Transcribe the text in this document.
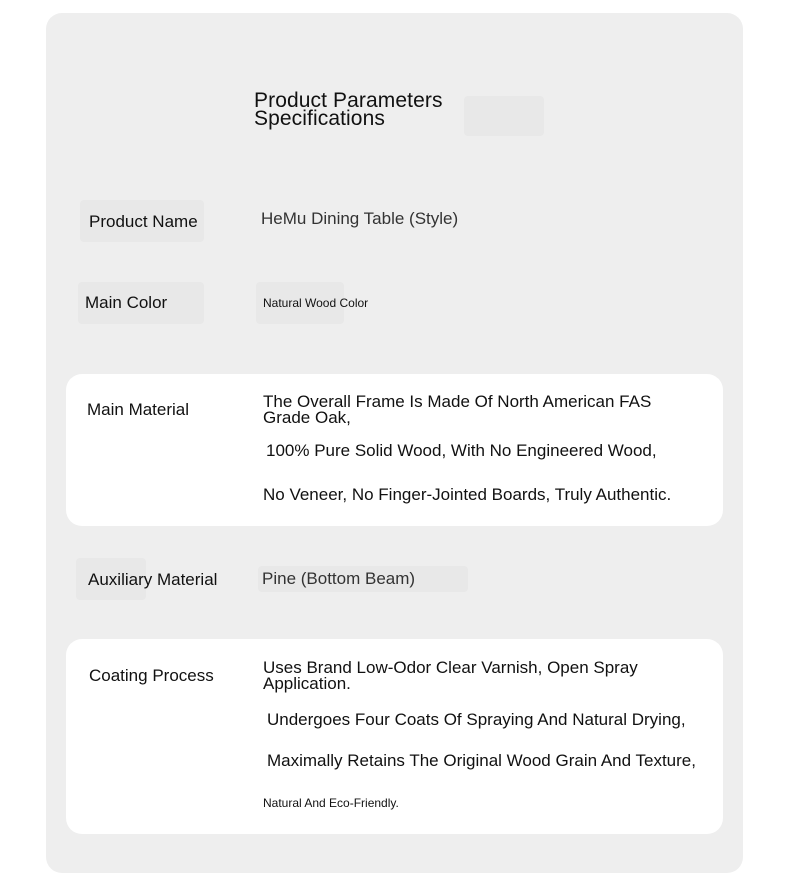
Product Parameters
Specifications
Product Name	HeMu Dining Table (Style)
Main Color	Natural Wood Color
Main Material	The Overall Frame Is Made Of North American FAS Grade Oak,
100% Pure Solid Wood, With No Engineered Wood,
No Veneer, No Finger-Jointed Boards, Truly Authentic.
Auxiliary Material	Pine (Bottom Beam)
Coating Process	Uses Brand Low-Odor Clear Varnish, Open Spray Application.
Undergoes Four Coats Of Spraying And Natural Drying,
Maximally Retains The Original Wood Grain And Texture,
Natural And Eco-Friendly.
